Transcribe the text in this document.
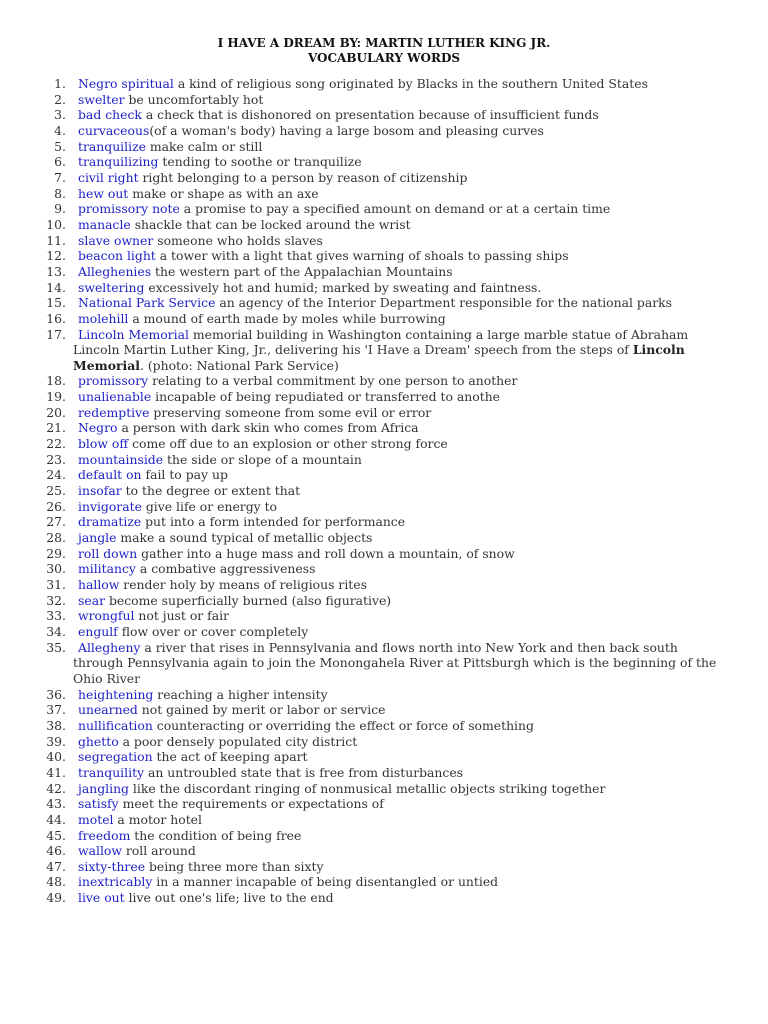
I HAVE A DREAM BY: MARTIN LUTHER KING JR.
VOCABULARY WORDS
1. Negro spiritual a kind of religious song originated by Blacks in the southern United States
2. swelter be uncomfortably hot
3. bad check a check that is dishonored on presentation because of insufficient funds
4. curvaceous(of a woman's body) having a large bosom and pleasing curves
5. tranquilize make calm or still
6. tranquilizing tending to soothe or tranquilize
7. civil right right belonging to a person by reason of citizenship
8. hew out make or shape as with an axe
9. promissory note a promise to pay a specified amount on demand or at a certain time
10. manacle shackle that can be locked around the wrist
11. slave owner someone who holds slaves
12. beacon light a tower with a light that gives warning of shoals to passing ships
13. Alleghenies the western part of the Appalachian Mountains
14. sweltering excessively hot and humid; marked by sweating and faintness.
15. National Park Service an agency of the Interior Department responsible for the national parks
16. molehill a mound of earth made by moles while burrowing
17. Lincoln Memorial memorial building in Washington containing a large marble statue of Abraham Lincoln Martin Luther King, Jr., delivering his 'I Have a Dream' speech from the steps of Lincoln Memorial. (photo: National Park Service)
18. promissory relating to a verbal commitment by one person to another
19. unalienable incapable of being repudiated or transferred to anothe
20. redemptive preserving someone from some evil or error
21. Negro a person with dark skin who comes from Africa
22. blow off come off due to an explosion or other strong force
23. mountainside the side or slope of a mountain
24. default on fail to pay up
25. insofar to the degree or extent that
26. invigorate give life or energy to
27. dramatize put into a form intended for performance
28. jangle make a sound typical of metallic objects
29. roll down gather into a huge mass and roll down a mountain, of snow
30. militancy a combative aggressiveness
31. hallow render holy by means of religious rites
32. sear become superficially burned (also figurative)
33. wrongful not just or fair
34. engulf flow over or cover completely
35. Allegheny a river that rises in Pennsylvania and flows north into New York and then back south through Pennsylvania again to join the Monongahela River at Pittsburgh which is the beginning of the Ohio River
36. heightening reaching a higher intensity
37. unearned not gained by merit or labor or service
38. nullification counteracting or overriding the effect or force of something
39. ghetto a poor densely populated city district
40. segregation the act of keeping apart
41. tranquility an untroubled state that is free from disturbances
42. jangling like the discordant ringing of nonmusical metallic objects striking together
43. satisfy meet the requirements or expectations of
44. motel a motor hotel
45. freedom the condition of being free
46. wallow roll around
47. sixty-three being three more than sixty
48. inextricably in a manner incapable of being disentangled or untied
49. live out live out one's life; live to the end
